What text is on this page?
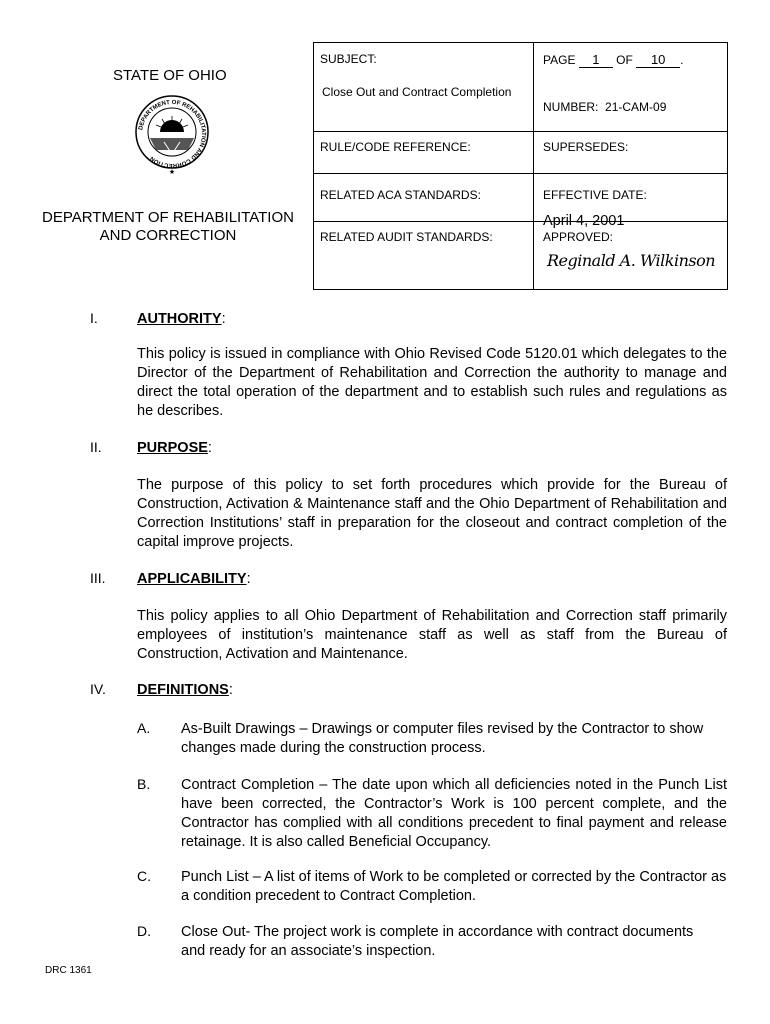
STATE OF OHIO
DEPARTMENT OF REHABILITATION AND CORRECTION
★
DEPARTMENT OF REHABILITATION AND CORRECTION
SUBJECT:
Close Out and Contract Completion
PAGE 1 OF 10 .
NUMBER: 21-CAM-09
RULE/CODE REFERENCE:	SUPERSEDES:
RELATED ACA STANDARDS:	EFFECTIVE DATE:
April 4, 2001
RELATED AUDIT STANDARDS:	APPROVED:
Reginald A. Wilkinson
I.	AUTHORITY:
This policy is issued in compliance with Ohio Revised Code 5120.01 which delegates to the Director of the Department of Rehabilitation and Correction the authority to manage and direct the total operation of the department and to establish such rules and regulations as he describes.
II. PURPOSE:
The purpose of this policy to set forth procedures which provide for the Bureau of Construction, Activation & Maintenance staff and the Ohio Department of Rehabilitation and Correction Institutions’ staff in preparation for the closeout and contract completion of the capital improve projects.
III. APPLICABILITY:
This policy applies to all Ohio Department of Rehabilitation and Correction staff primarily employees of institution’s maintenance staff as well as staff from the Bureau of Construction, Activation and Maintenance.
IV. DEFINITIONS:
A. As-Built Drawings – Drawings or computer files revised by the Contractor to show changes made during the construction process.
B. Contract Completion – The date upon which all deficiencies noted in the Punch List have been corrected, the Contractor’s Work is 100 percent complete, and the Contractor has complied with all conditions precedent to final payment and release retainage. It is also called Beneficial Occupancy.
C. Punch List – A list of items of Work to be completed or corrected by the Contractor as a condition precedent to Contract Completion.
D. Close Out- The project work is complete in accordance with contract documents and ready for an associate’s inspection.
DRC 1361
